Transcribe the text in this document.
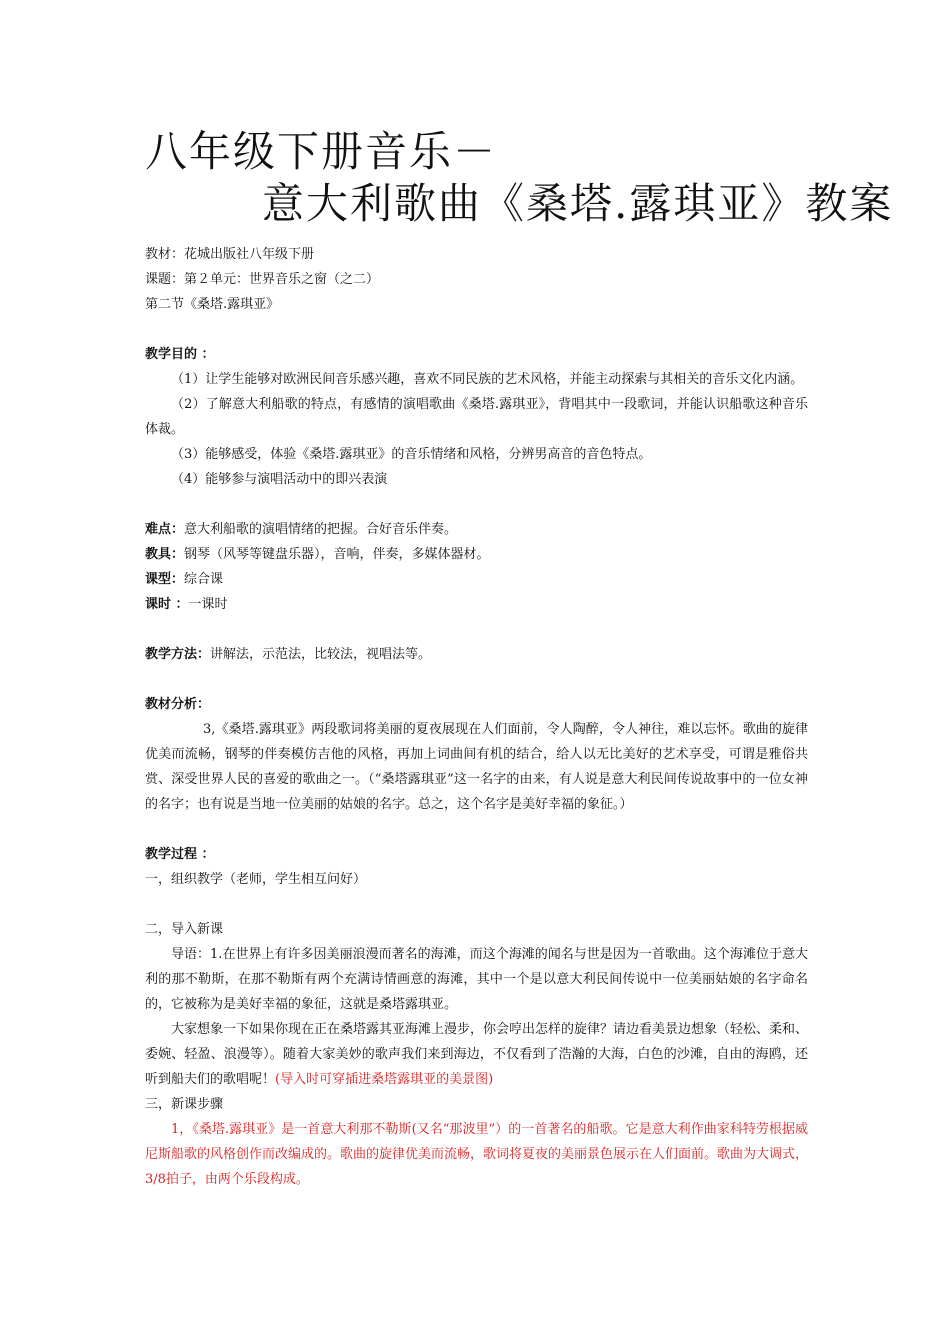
八年级下册音乐－
意大利歌曲《桑塔.露琪亚》教案

教材：花城出版社八年级下册

课题：第２单元：世界音乐之窗（之二）

第二节《桑塔.露琪亚》

教学目的 ：

（1）让学生能够对欧洲民间音乐感兴趣，喜欢不同民族的艺术风格，并能主动探索与其相关的音乐文化内涵。

（2）了解意大利船歌的特点，有感情的演唱歌曲《桑塔.露琪亚》，背唱其中一段歌词，并能认识船歌这种音乐体裁。

（3）能够感受，体验《桑塔.露琪亚》的音乐情绪和风格，分辨男高音的音色特点。

（4）能够参与演唱活动中的即兴表演

难点：意大利船歌的演唱情绪的把握。合好音乐伴奏。

教具：钢琴（风琴等键盘乐器），音响，伴奏，多媒体器材。

课型：综合课

课时 ：一课时

教学方法：讲解法，示范法，比较法，视唱法等。

教材分析：

3,《桑塔.露琪亚》两段歌词将美丽的夏夜展现在人们面前，令人陶醉，令人神往，难以忘怀。歌曲的旋律优美而流畅，钢琴的伴奏模仿吉他的风格，再加上词曲间有机的结合，给人以无比美好的艺术享受，可谓是雅俗共赏、深受世界人民的喜爱的歌曲之一。（“桑塔露琪亚”这一名字的由来，有人说是意大利民间传说故事中的一位女神的名字；也有说是当地一位美丽的姑娘的名字。总之，这个名字是美好幸福的象征。）

教学过程 ：

一，组织教学（老师，学生相互问好）

二，导入新课

导语：1.在世界上有许多因美丽浪漫而著名的海滩，而这个海滩的闻名与世是因为一首歌曲。这个海滩位于意大利的那不勒斯，在那不勒斯有两个充满诗情画意的海滩，其中一个是以意大利民间传说中一位美丽姑娘的名字命名的，它被称为是美好幸福的象征，这就是桑塔露琪亚。

大家想象一下如果你现在正在桑塔露其亚海滩上漫步，你会哼出怎样的旋律？请边看美景边想象（轻松、柔和、委婉、轻盈、浪漫等）。随着大家美妙的歌声我们来到海边，不仅看到了浩瀚的大海，白色的沙滩，自由的海鸥，还听到船夫们的歌唱呢！(导入时可穿插进桑塔露琪亚的美景图)

三，新课步骤

1，《桑塔.露琪亚》是一首意大利那不勒斯(又名“那波里”）的一首著名的船歌。它是意大利作曲家科特劳根据威尼斯船歌的风格创作而改编成的。歌曲的旋律优美而流畅，歌词将夏夜的美丽景色展示在人们面前。歌曲为大调式，3/8拍子，由两个乐段构成。
